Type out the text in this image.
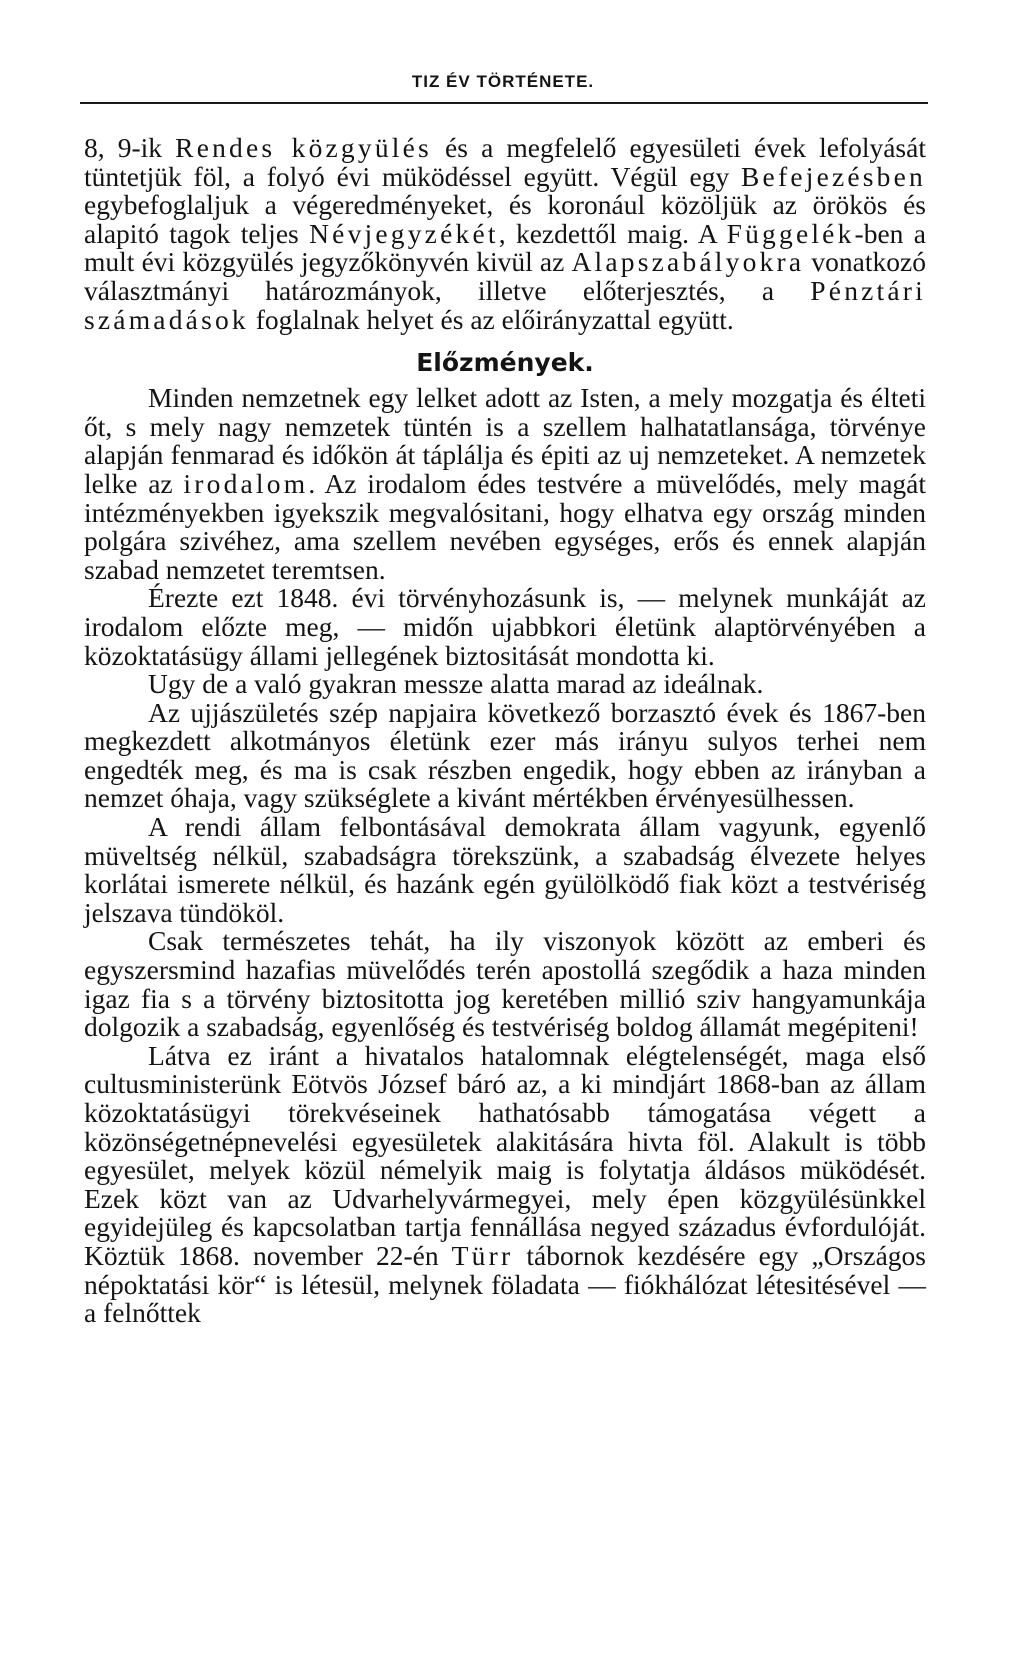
TIZ ÉV TÖRTÉNETE.

8, 9-ik Rendes közgyülés és a megfelelő egyesületi évek lefolyását tüntetjük föl, a folyó évi müködéssel együtt. Végül egy Befejezésben egybefoglaljuk a végeredményeket, és koronául közöljük az örökös és alapitó tagok teljes Névjegyzékét, kezdettől maig. A Függelék-ben a mult évi közgyülés jegyzőkönyvén kivül az Alapszabályokra vonatkozó választmányi határozmányok, illetve előterjesztés, a Pénztári számadások foglalnak helyet és az előirányzattal együtt.

Előzmények.

Minden nemzetnek egy lelket adott az Isten, a mely mozgatja és élteti őt, s mely nagy nemzetek tüntén is a szellem halhatatlansága, törvénye alapján fenmarad és időkön át táplálja és épiti az uj nemzeteket. A nemzetek lelke az irodalom. Az irodalom édes testvére a müvelődés, mely magát intézményekben igyekszik megvalósitani, hogy elhatva egy ország minden polgára szivéhez, ama szellem nevében egységes, erős és ennek alapján szabad nemzetet teremtsen.

Érezte ezt 1848. évi törvényhozásunk is, — melynek munkáját az irodalom előzte meg, — midőn ujabbkori életünk alaptörvényében a közoktatásügy állami jellegének biztositását mondotta ki.

Ugy de a való gyakran messze alatta marad az ideálnak.

Az ujjászületés szép napjaira következő borzasztó évek és 1867-ben megkezdett alkotmányos életünk ezer más irányu sulyos terhei nem engedték meg, és ma is csak részben engedik, hogy ebben az irányban a nemzet óhaja, vagy szükséglete a kivánt mértékben érvényesülhessen.

A rendi állam felbontásával demokrata állam vagyunk, egyenlő müveltség nélkül, szabadságra törekszünk, a szabadság élvezete helyes korlátai ismerete nélkül, és hazánk egén gyülölködő fiak közt a testvériség jelszava tündököl.

Csak természetes tehát, ha ily viszonyok között az emberi és egyszersmind hazafias müvelődés terén apostollá szegődik a haza minden igaz fia s a törvény biztositotta jog keretében millió sziv hangyamunkája dolgozik a szabadság, egyenlőség és testvériség boldog államát megépiteni!

Látva ez iránt a hivatalos hatalomnak elégtelenségét, maga első cultusministerünk Eötvös József báró az, a ki mindjárt 1868-ban az állam közoktatásügyi törekvéseinek hathatósabb támogatása végett a közönségetnépnevelési egyesületek alakitására hivta föl. Alakult is több egyesület, melyek közül némelyik maig is folytatja áldásos müködését. Ezek közt van az Udvarhelyvármegyei, mely épen közgyülésünkkel egyidejüleg és kapcsolatban tartja fennállása negyed századus évfordulóját. Köztük 1868. november 22-én Türr tábornok kezdésére egy „Országos népoktatási kör“ is létesül, melynek föladata — fiókhálózat létesitésével — a felnőttek
